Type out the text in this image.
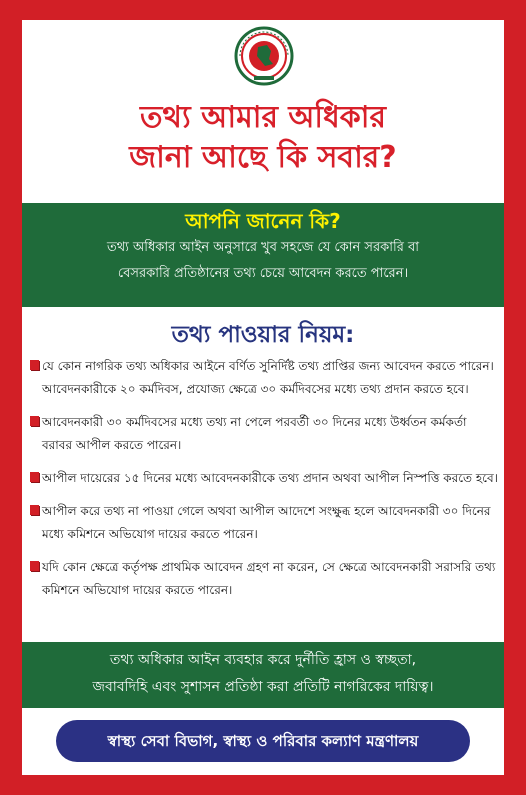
তথ্য আমার অধিকার
জানা আছে কি সবার?
আপনি জানেন কি?
তথ্য অধিকার আইন অনুসারে খুব সহজে যে কোন সরকারি বা
বেসরকারি প্রতিষ্ঠানের তথ্য চেয়ে আবেদন করতে পারেন।
তথ্য পাওয়ার নিয়ম:
যে কোন নাগরিক তথ্য অধিকার আইনে বর্ণিত সুনির্দিষ্ট তথ্য প্রাপ্তির জন্য আবেদন করতে পারেন। আবেদনকারীকে ২০ কর্মদিবস, প্রযোজ্য ক্ষেত্রে ৩০ কর্মদিবসের মধ্যে তথ্য প্রদান করতে হবে।
আবেদনকারী ৩০ কর্মদিবসের মধ্যে তথ্য না পেলে পরবর্তী ৩০ দিনের মধ্যে উর্ধ্বতন কর্মকর্তা বরাবর আপীল করতে পারেন।
আপীল দায়েরের ১৫ দিনের মধ্যে আবেদনকারীকে তথ্য প্রদান অথবা আপীল নিস্পত্তি করতে হবে।
আপীল করে তথ্য না পাওয়া গেলে অথবা আপীল আদেশে সংক্ষুব্ধ হলে আবেদনকারী ৩০ দিনের মধ্যে কমিশনে অভিযোগ দায়ের করতে পারেন।
যদি কোন ক্ষেত্রে কর্তৃপক্ষ প্রাথমিক আবেদন গ্রহণ না করেন, সে ক্ষেত্রে আবেদনকারী সরাসরি তথ্য কমিশনে অভিযোগ দায়ের করতে পারেন।
তথ্য অধিকার আইন ব্যবহার করে দুর্নীতি হ্রাস ও স্বচ্ছতা,
জবাবদিহি এবং সুশাসন প্রতিষ্ঠা করা প্রতিটি নাগরিকের দায়িত্ব।
স্বাস্থ্য সেবা বিভাগ, স্বাস্থ্য ও পরিবার কল্যাণ মন্ত্রণালয়
